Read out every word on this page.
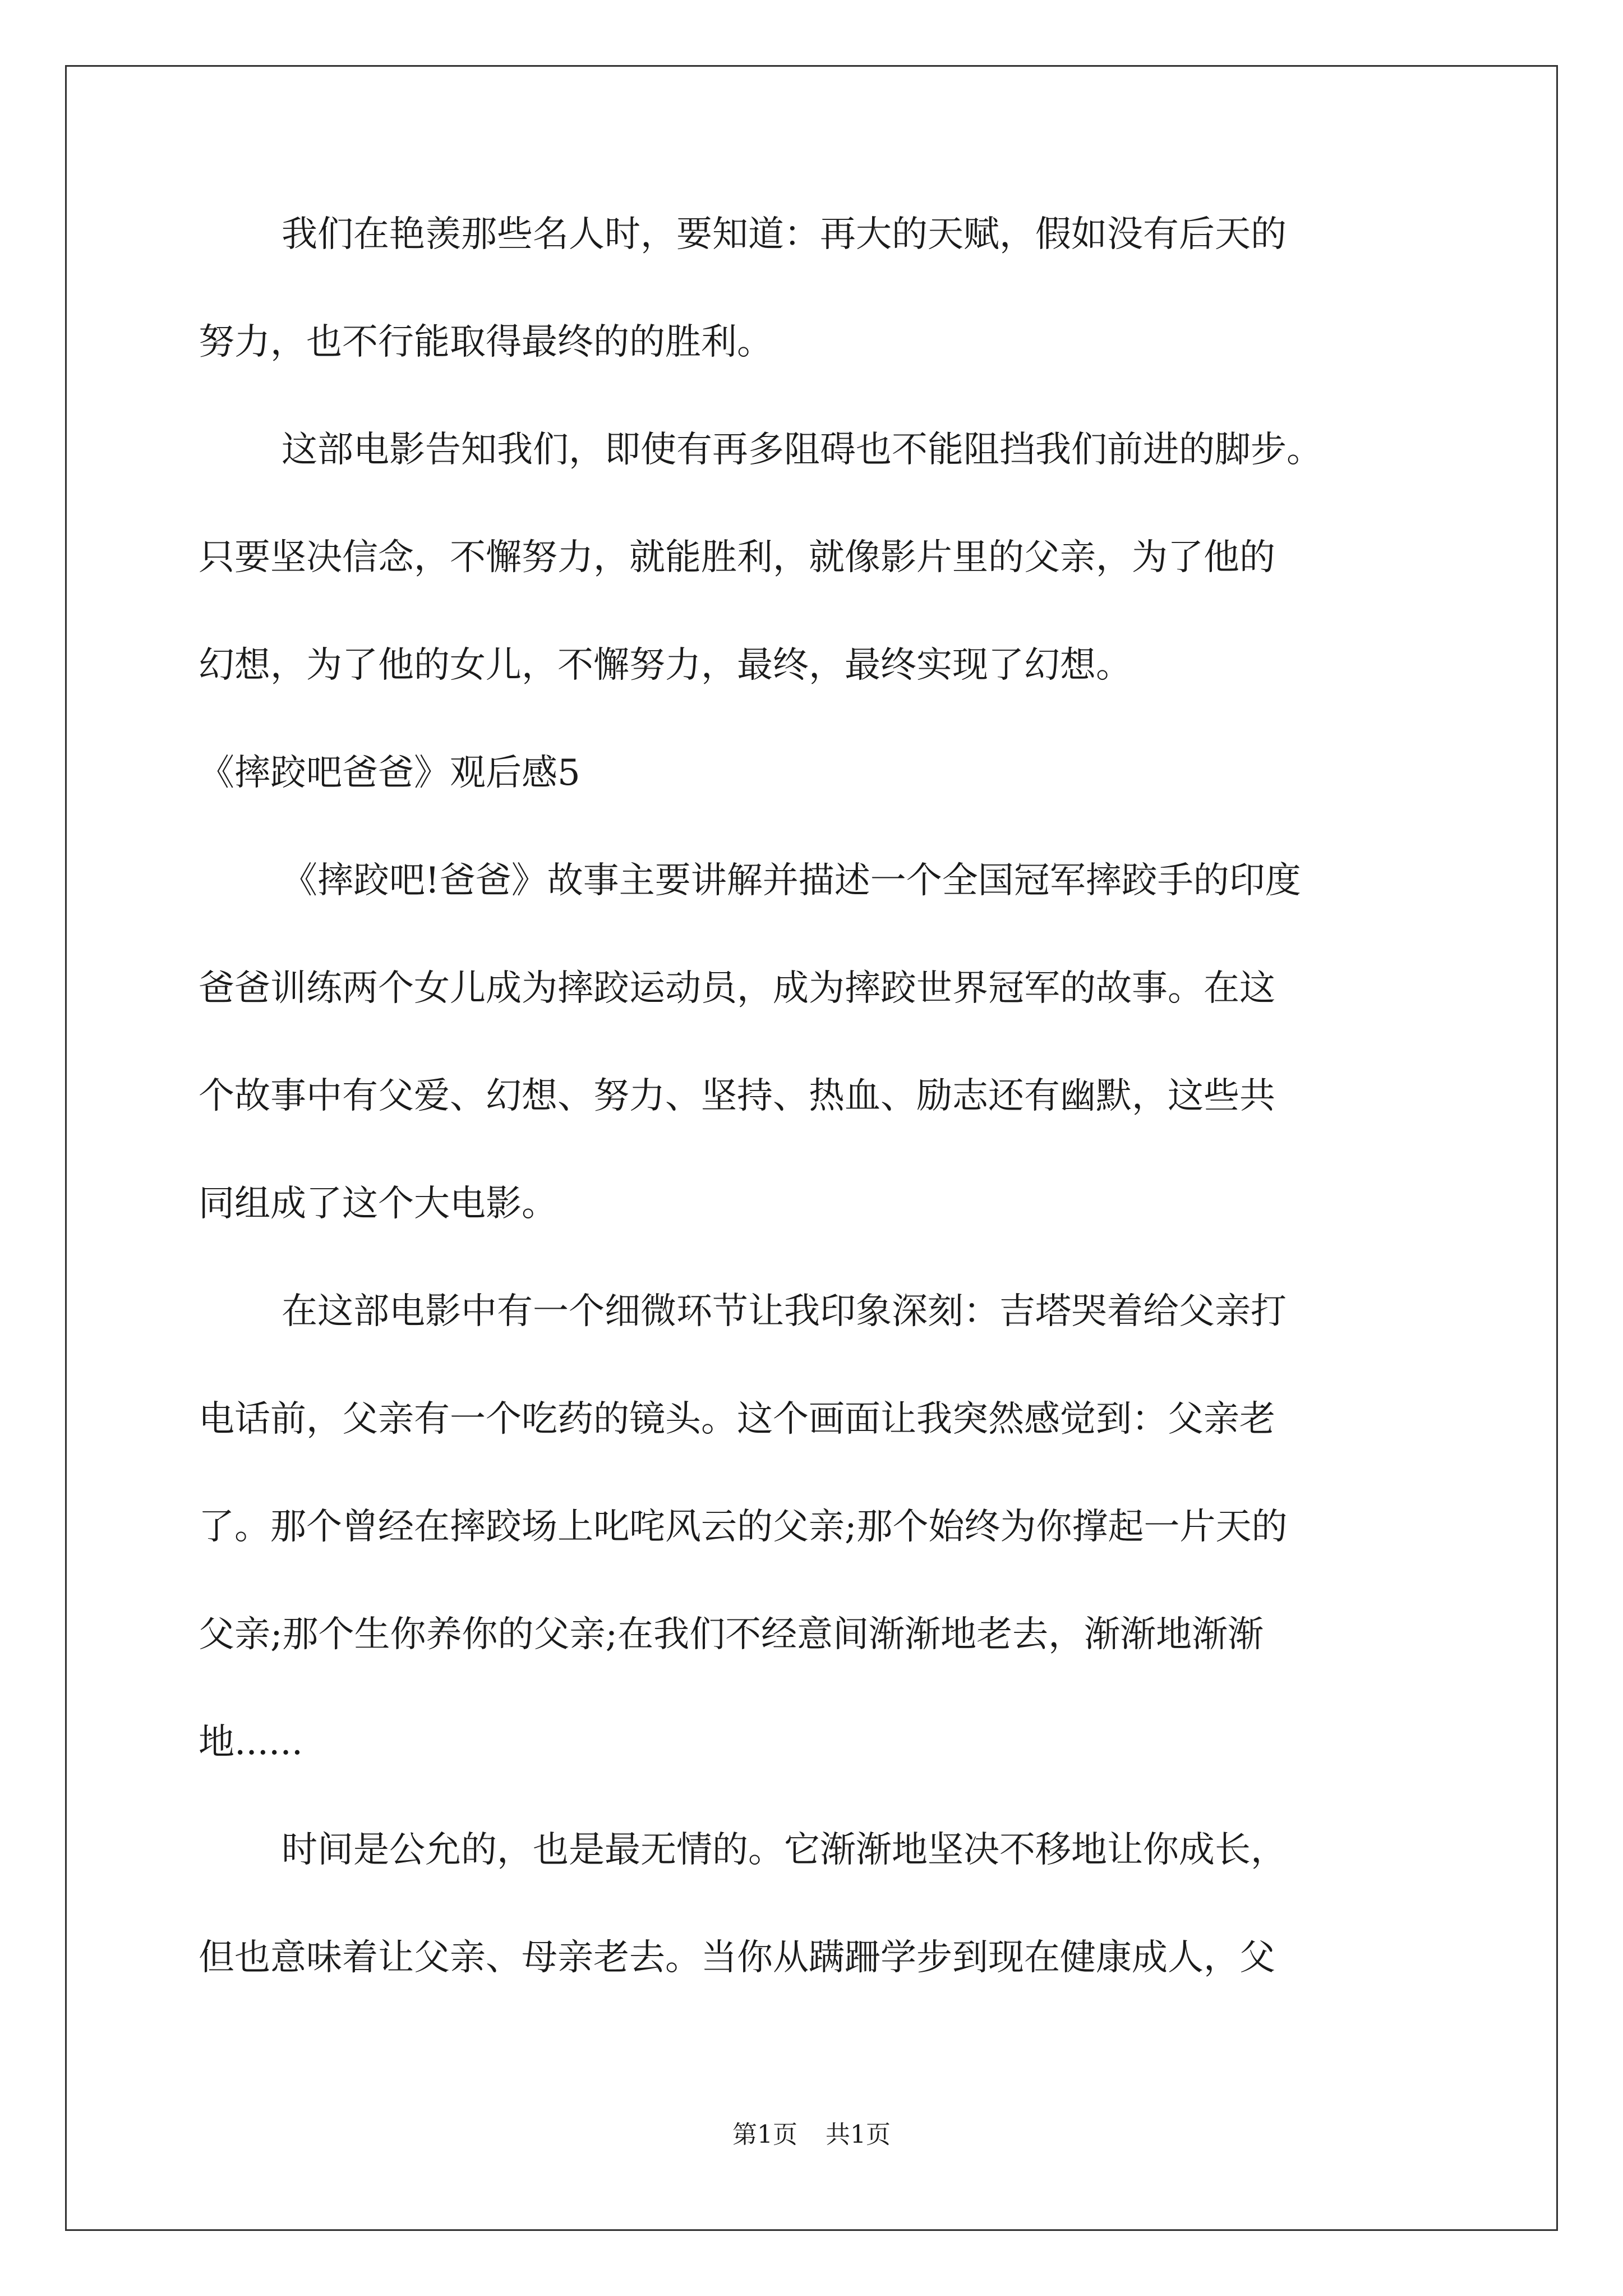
我们在艳羡那些名人时，要知道：再大的天赋，假如没有后天的
努力，也不行能取得最终的的胜利。
这部电影告知我们，即使有再多阻碍也不能阻挡我们前进的脚步。
只要坚决信念，不懈努力，就能胜利，就像影片里的父亲，为了他的
幻想，为了他的女儿，不懈努力，最终，最终实现了幻想。
《摔跤吧爸爸》观后感5
《摔跤吧!爸爸》故事主要讲解并描述一个全国冠军摔跤手的印度
爸爸训练两个女儿成为摔跤运动员，成为摔跤世界冠军的故事。在这
个故事中有父爱、幻想、努力、坚持、热血、励志还有幽默，这些共
同组成了这个大电影。
在这部电影中有一个细微环节让我印象深刻：吉塔哭着给父亲打
电话前，父亲有一个吃药的镜头。这个画面让我突然感觉到：父亲老
了。那个曾经在摔跤场上叱咤风云的父亲;那个始终为你撑起一片天的
父亲;那个生你养你的父亲;在我们不经意间渐渐地老去，渐渐地渐渐
地......
时间是公允的，也是最无情的。它渐渐地坚决不移地让你成长，
但也意味着让父亲、母亲老去。当你从蹒跚学步到现在健康成人，父
第1页 共1页
